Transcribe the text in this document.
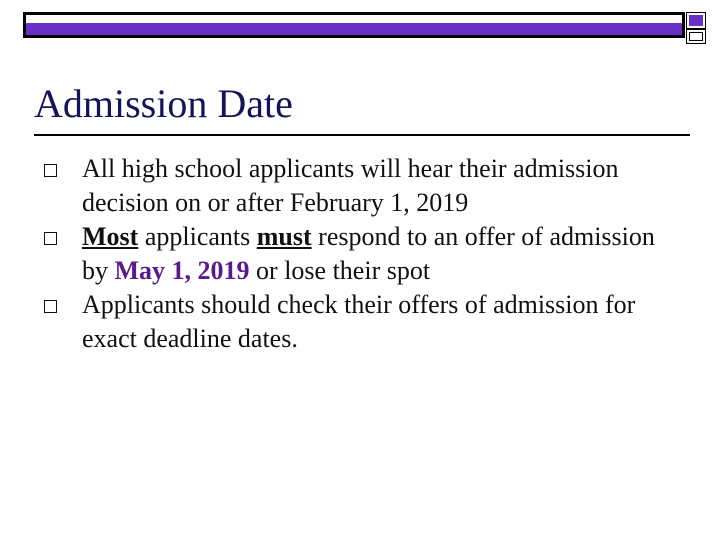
Admission Date
All high school applicants will hear their admission decision on or after February 1, 2019
Most applicants must respond to an offer of admission by May 1, 2019 or lose their spot
Applicants should check their offers of admission for exact deadline dates.
